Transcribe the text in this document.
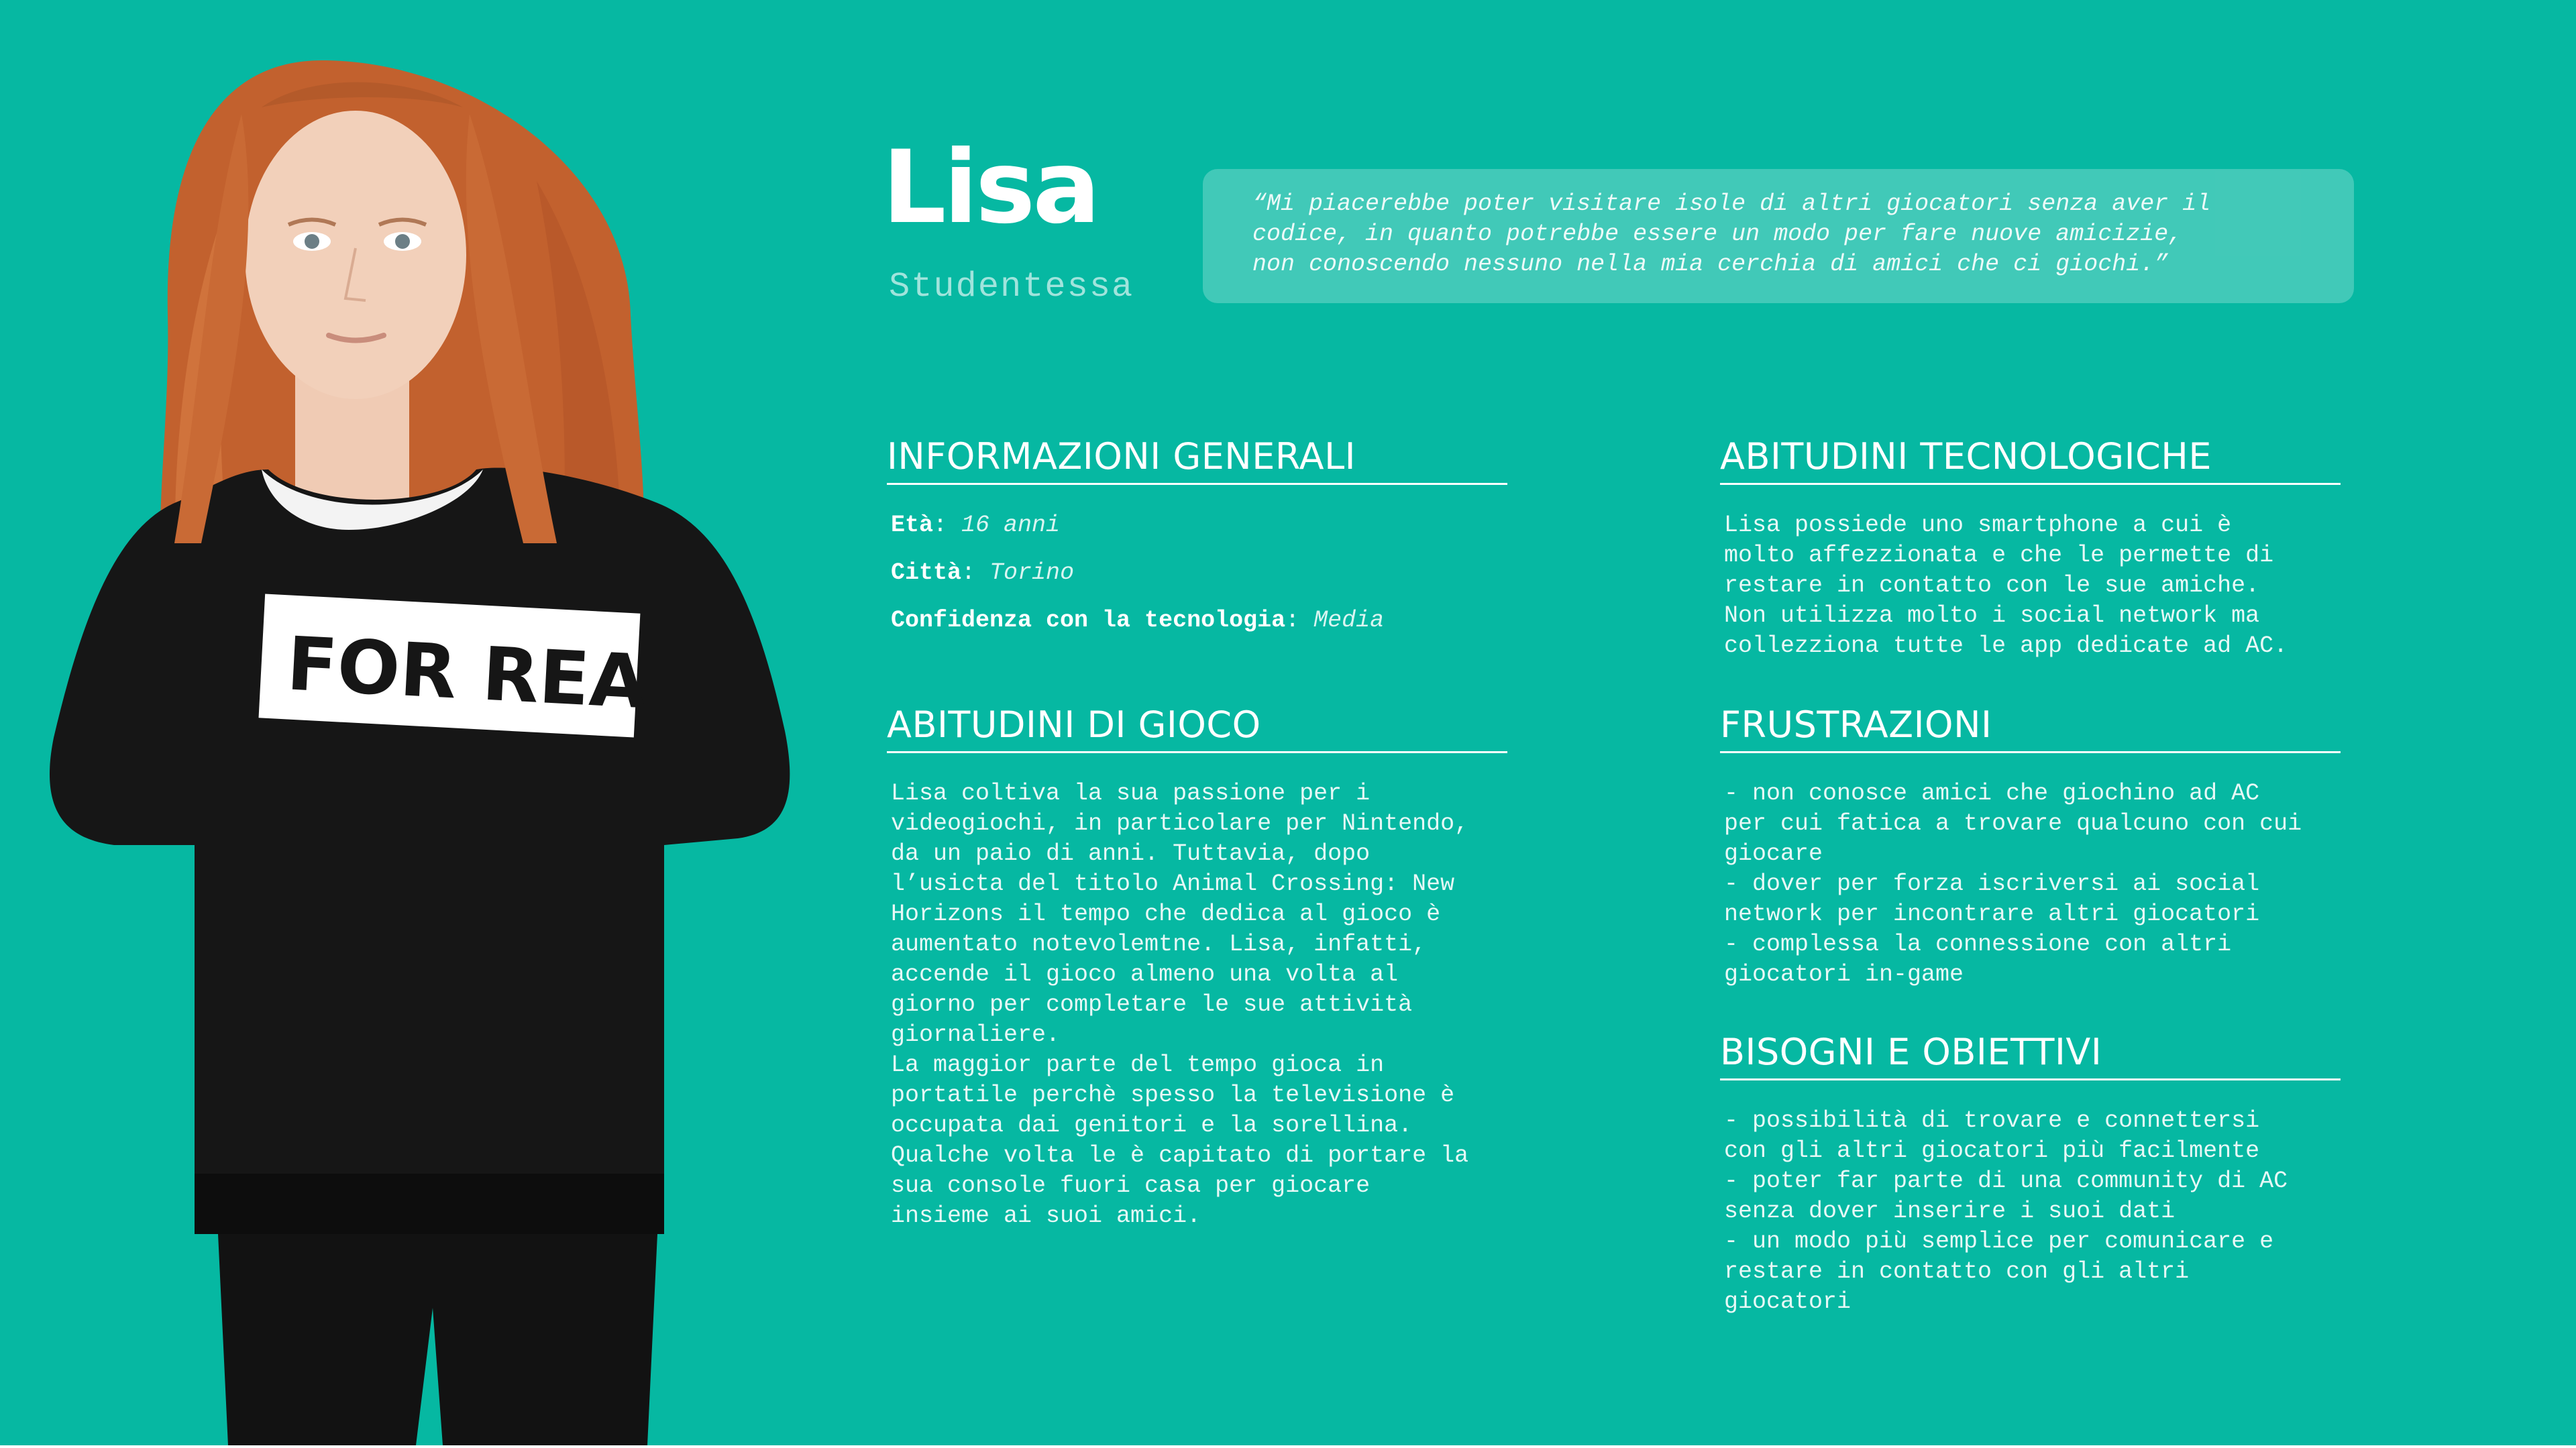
FOR REAL
Lisa
Studentessa

“Mi piacerebbe poter visitare isole di altri giocatori senza aver il
codice, in quanto potrebbe essere un modo per fare nuove amicizie,
non conoscendo nessuno nella mia cerchia di amici che ci giochi.”

INFORMAZIONI GENERALI
Età: 16 anni
Città: Torino
Confidenza con la tecnologia: Media
ABITUDINI TECNOLOGICHE

Lisa possiede uno smartphone a cui è
molto affezzionata e che le permette di
restare in contatto con le sue amiche.
Non utilizza molto i social network ma
collezziona tutte le app dedicate ad AC.

ABITUDINI DI GIOCO

Lisa coltiva la sua passione per i
videogiochi, in particolare per Nintendo,
da un paio di anni. Tuttavia, dopo
l’usicta del titolo Animal Crossing: New
Horizons il tempo che dedica al gioco è
aumentato notevolemtne. Lisa, infatti,
accende il gioco almeno una volta al
giorno per completare le sue attività
giornaliere.
La maggior parte del tempo gioca in
portatile perchè spesso la televisione è
occupata dai genitori e la sorellina.
Qualche volta le è capitato di portare la
sua console fuori casa per giocare
insieme ai suoi amici.

FRUSTRAZIONI

- non conosce amici che giochino ad AC
per cui fatica a trovare qualcuno con cui
giocare
- dover per forza iscriversi ai social
network per incontrare altri giocatori
- complessa la connessione con altri
giocatori in-game

BISOGNI E OBIETTIVI

- possibilità di trovare e connettersi
con gli altri giocatori più facilmente
- poter far parte di una community di AC
senza dover inserire i suoi dati
- un modo più semplice per comunicare e
restare in contatto con gli altri
giocatori
